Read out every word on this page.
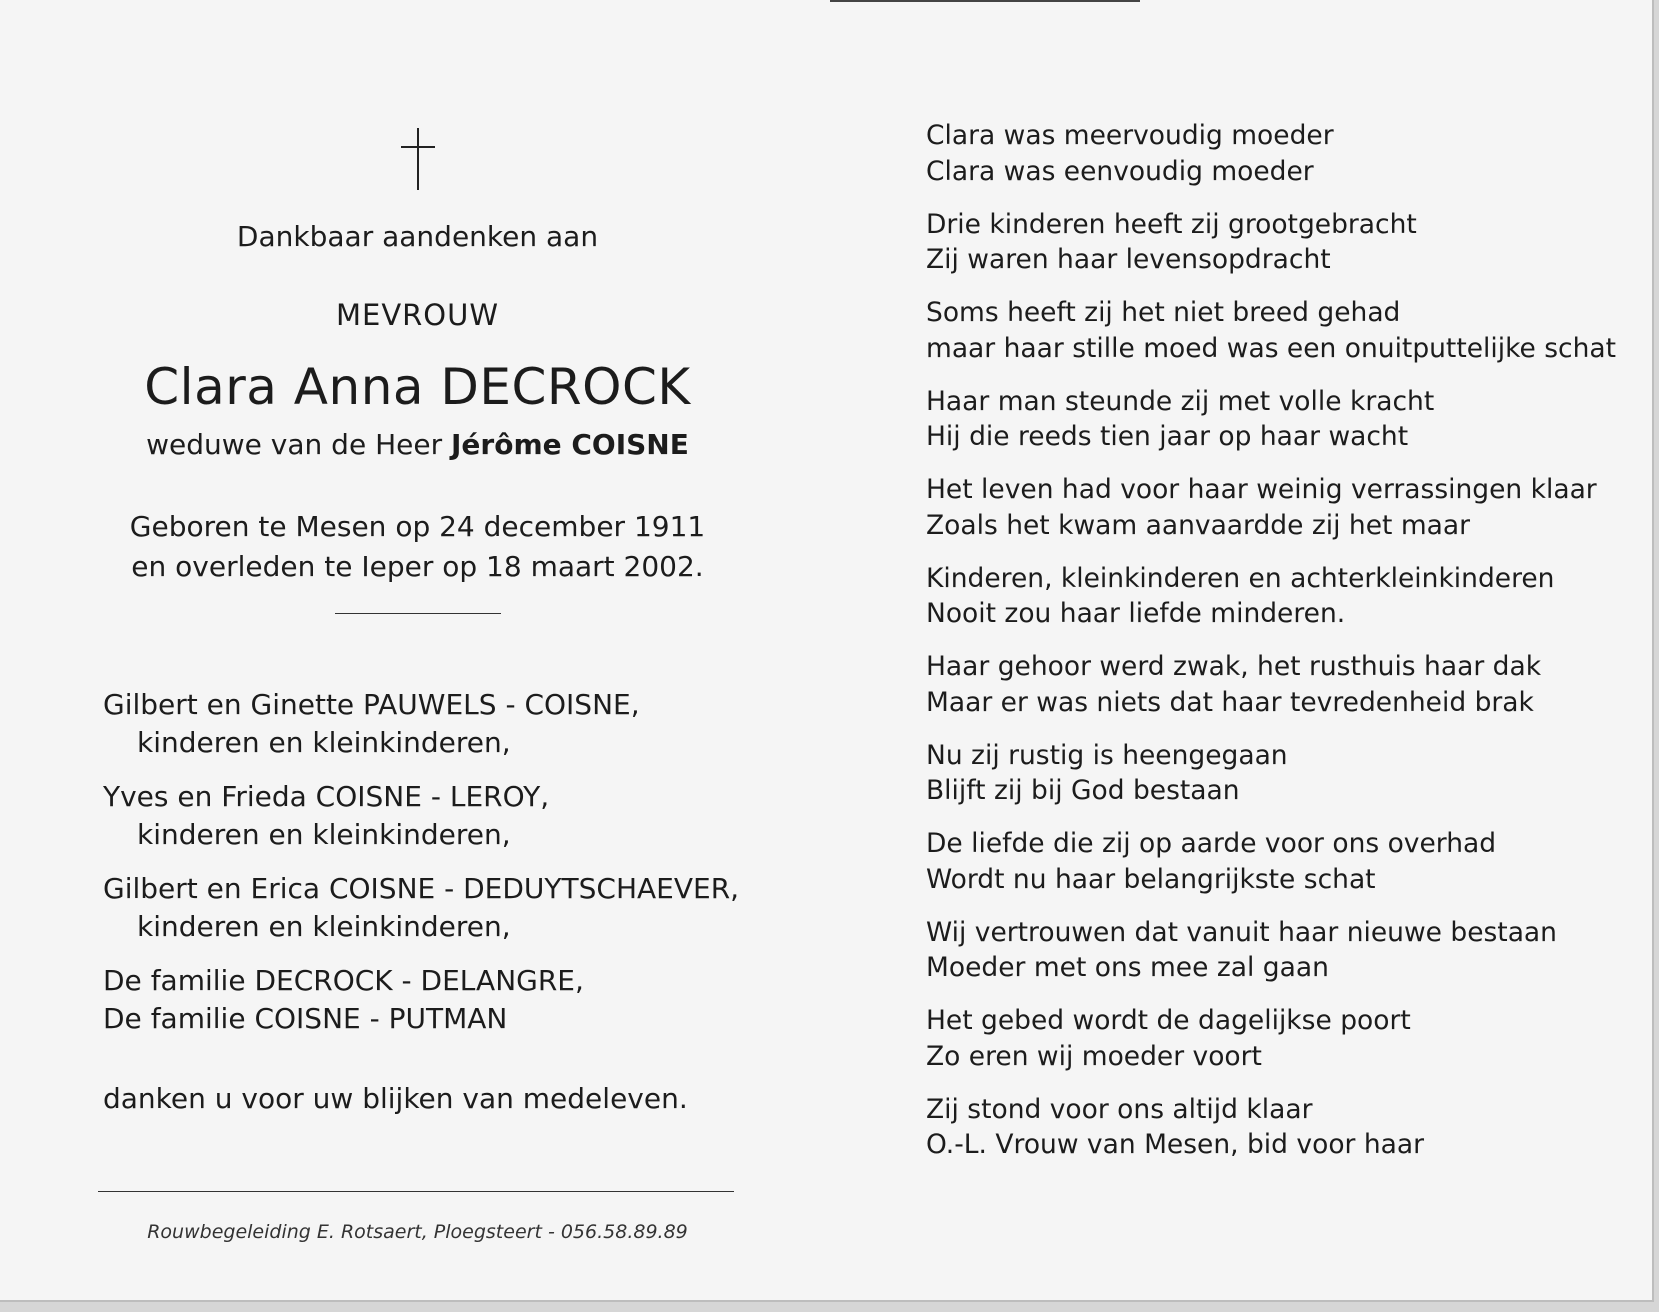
Dankbaar aandenken aan
MEVROUW
Clara Anna DECROCK
weduwe van de Heer Jérôme COISNE
Geboren te Mesen op 24 december 1911
en overleden te Ieper op 18 maart 2002.
Gilbert en Ginette PAUWELS - COISNE,
kinderen en kleinkinderen,
Yves en Frieda COISNE - LEROY,
kinderen en kleinkinderen,
Gilbert en Erica COISNE - DEDUYTSCHAEVER,
kinderen en kleinkinderen,
De familie DECROCK - DELANGRE,
De familie COISNE - PUTMAN
danken u voor uw blijken van medeleven.
Rouwbegeleiding E. Rotsaert, Ploegsteert - 056.58.89.89
Clara was meervoudig moeder
Clara was eenvoudig moeder
Drie kinderen heeft zij grootgebracht
Zij waren haar levensopdracht
Soms heeft zij het niet breed gehad
maar haar stille moed was een onuitputtelijke schat
Haar man steunde zij met volle kracht
Hij die reeds tien jaar op haar wacht
Het leven had voor haar weinig verrassingen klaar
Zoals het kwam aanvaardde zij het maar
Kinderen, kleinkinderen en achterkleinkinderen
Nooit zou haar liefde minderen.
Haar gehoor werd zwak, het rusthuis haar dak
Maar er was niets dat haar tevredenheid brak
Nu zij rustig is heengegaan
Blijft zij bij God bestaan
De liefde die zij op aarde voor ons overhad
Wordt nu haar belangrijkste schat
Wij vertrouwen dat vanuit haar nieuwe bestaan
Moeder met ons mee zal gaan
Het gebed wordt de dagelijkse poort
Zo eren wij moeder voort
Zij stond voor ons altijd klaar
O.-L. Vrouw van Mesen, bid voor haar
